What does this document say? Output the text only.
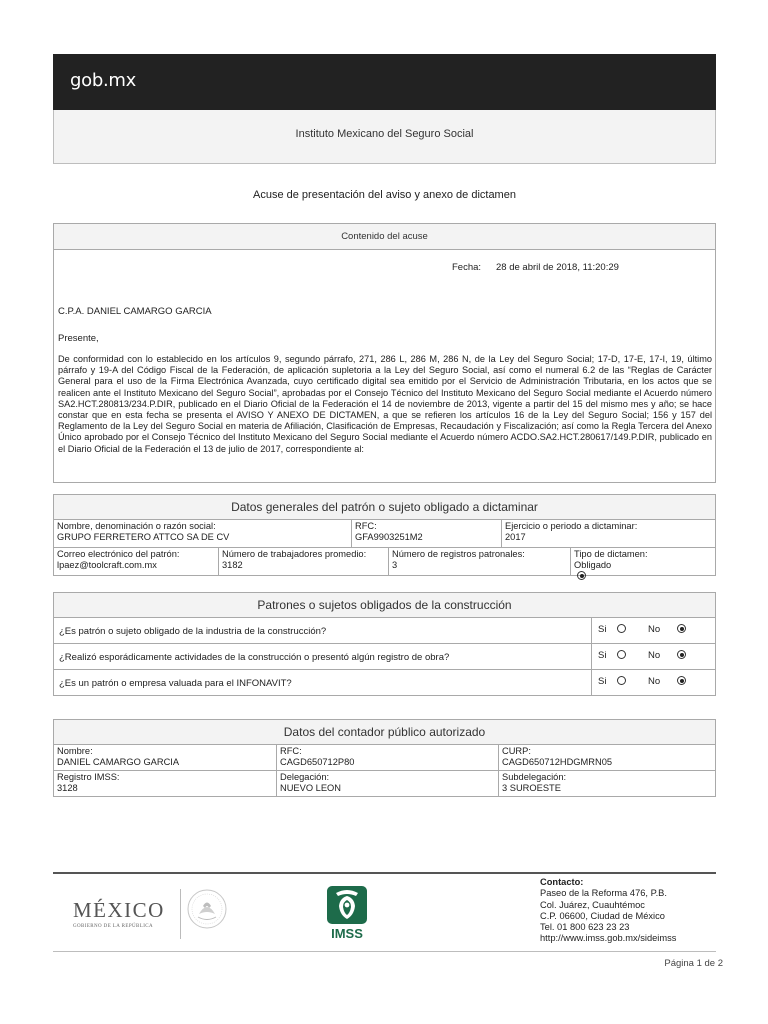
gob.mx
Instituto Mexicano del Seguro Social
Acuse de presentación del aviso y anexo de dictamen
Contenido del acuse
Fecha: 28 de abril de 2018, 11:20:29
C.P.A. DANIEL CAMARGO GARCIA
Presente,
De conformidad con lo establecido en los artículos 9, segundo párrafo, 271, 286 L, 286 M, 286 N, de la Ley del Seguro Social; 17-D, 17-E, 17-I, 19, último párrafo y 19-A del Código Fiscal de la Federación, de aplicación supletoria a la Ley del Seguro Social, así como el numeral 6.2 de las “Reglas de Carácter General para el uso de la Firma Electrónica Avanzada, cuyo certificado digital sea emitido por el Servicio de Administración Tributaria, en los actos que se realicen ante el Instituto Mexicano del Seguro Social”, aprobadas por el Consejo Técnico del Instituto Mexicano del Seguro Social mediante el Acuerdo número SA2.HCT.280813/234.P.DIR, publicado en el Diario Oficial de la Federación el 14 de noviembre de 2013, vigente a partir del 15 del mismo mes y año; se hace constar que en esta fecha se presenta el AVISO Y ANEXO DE DICTAMEN, a que se refieren los artículos 16 de la Ley del Seguro Social; 156 y 157 del Reglamento de la Ley del Seguro Social en materia de Afiliación, Clasificación de Empresas, Recaudación y Fiscalización; así como la Regla Tercera del Anexo Único aprobado por el Consejo Técnico del Instituto Mexicano del Seguro Social mediante el Acuerdo número ACDO.SA2.HCT.280617/149.P.DIR, publicado en el Diario Oficial de la Federación el 13 de julio de 2017, correspondiente al:
Datos generales del patrón o sujeto obligado a dictaminar
Nombre, denominación o razón social:
GRUPO FERRETERO ATTCO SA DE CV
RFC:
GFA9903251M2
Ejercicio o periodo a dictaminar:
2017
Correo electrónico del patrón:
lpaez@toolcraft.com.mx
Número de trabajadores promedio:
3182
Número de registros patronales:
3
Tipo de dictamen:
Obligado

Patrones o sujetos obligados de la construcción
¿Es patrón o sujeto obligado de la industria de la construcción?	Si	No
¿Realizó esporádicamente actividades de la construcción o presentó algún registro de obra?	Si	No
¿Es un patrón o empresa valuada para el INFONAVIT?	Si	No
Datos del contador público autorizado
Nombre:
DANIEL CAMARGO GARCIA
RFC:
CAGD650712P80
CURP:
CAGD650712HDGMRN05
Registro IMSS:
3128
Delegación:
NUEVO LEON
Subdelegación:
3 SUROESTE
MÉXICO
GOBIERNO DE LA REPÚBLICA	IMSS
Contacto:
Paseo de la Reforma 476, P.B.
Col. Juárez, Cuauhtémoc
C.P. 06600, Ciudad de México
Tel. 01 800 623 23 23
http://www.imss.gob.mx/sideimss
Página 1 de 2
